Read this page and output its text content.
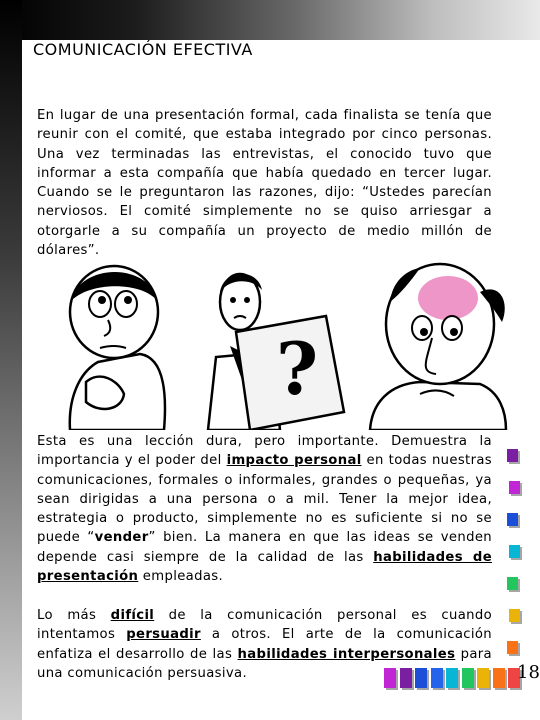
COMUNICACIÓN EFECTIVA

En lugar de una presentación formal, cada finalista se tenía que reunir con el comité, que estaba integrado por cinco personas. Una vez terminadas las entrevistas, el conocido tuvo que informar a esta compañía que había quedado en tercer lugar. Cuando se le preguntaron las razones, dijo: “Ustedes parecían nerviosos. El comité simplemente no se quiso arriesgar a otorgarle a su compañía un proyecto de medio millón de dólares”.

?

Esta es una lección dura, pero importante. Demuestra la importancia y el poder del impacto personal en todas nuestras comunicaciones, formales o informales, grandes o pequeñas, ya sean dirigidas a una persona o a mil. Tener la mejor idea, estrategia o producto, simplemente no es suficiente si no se puede “vender” bien. La manera en que las ideas se venden depende casi siempre de la calidad de las habilidades de presentación empleadas.

Lo más difícil de la comunicación personal es cuando intentamos persuadir a otros. El arte de la comunicación enfatiza el desarrollo de las habilidades interpersonales para una comunicación persuasiva.	18
